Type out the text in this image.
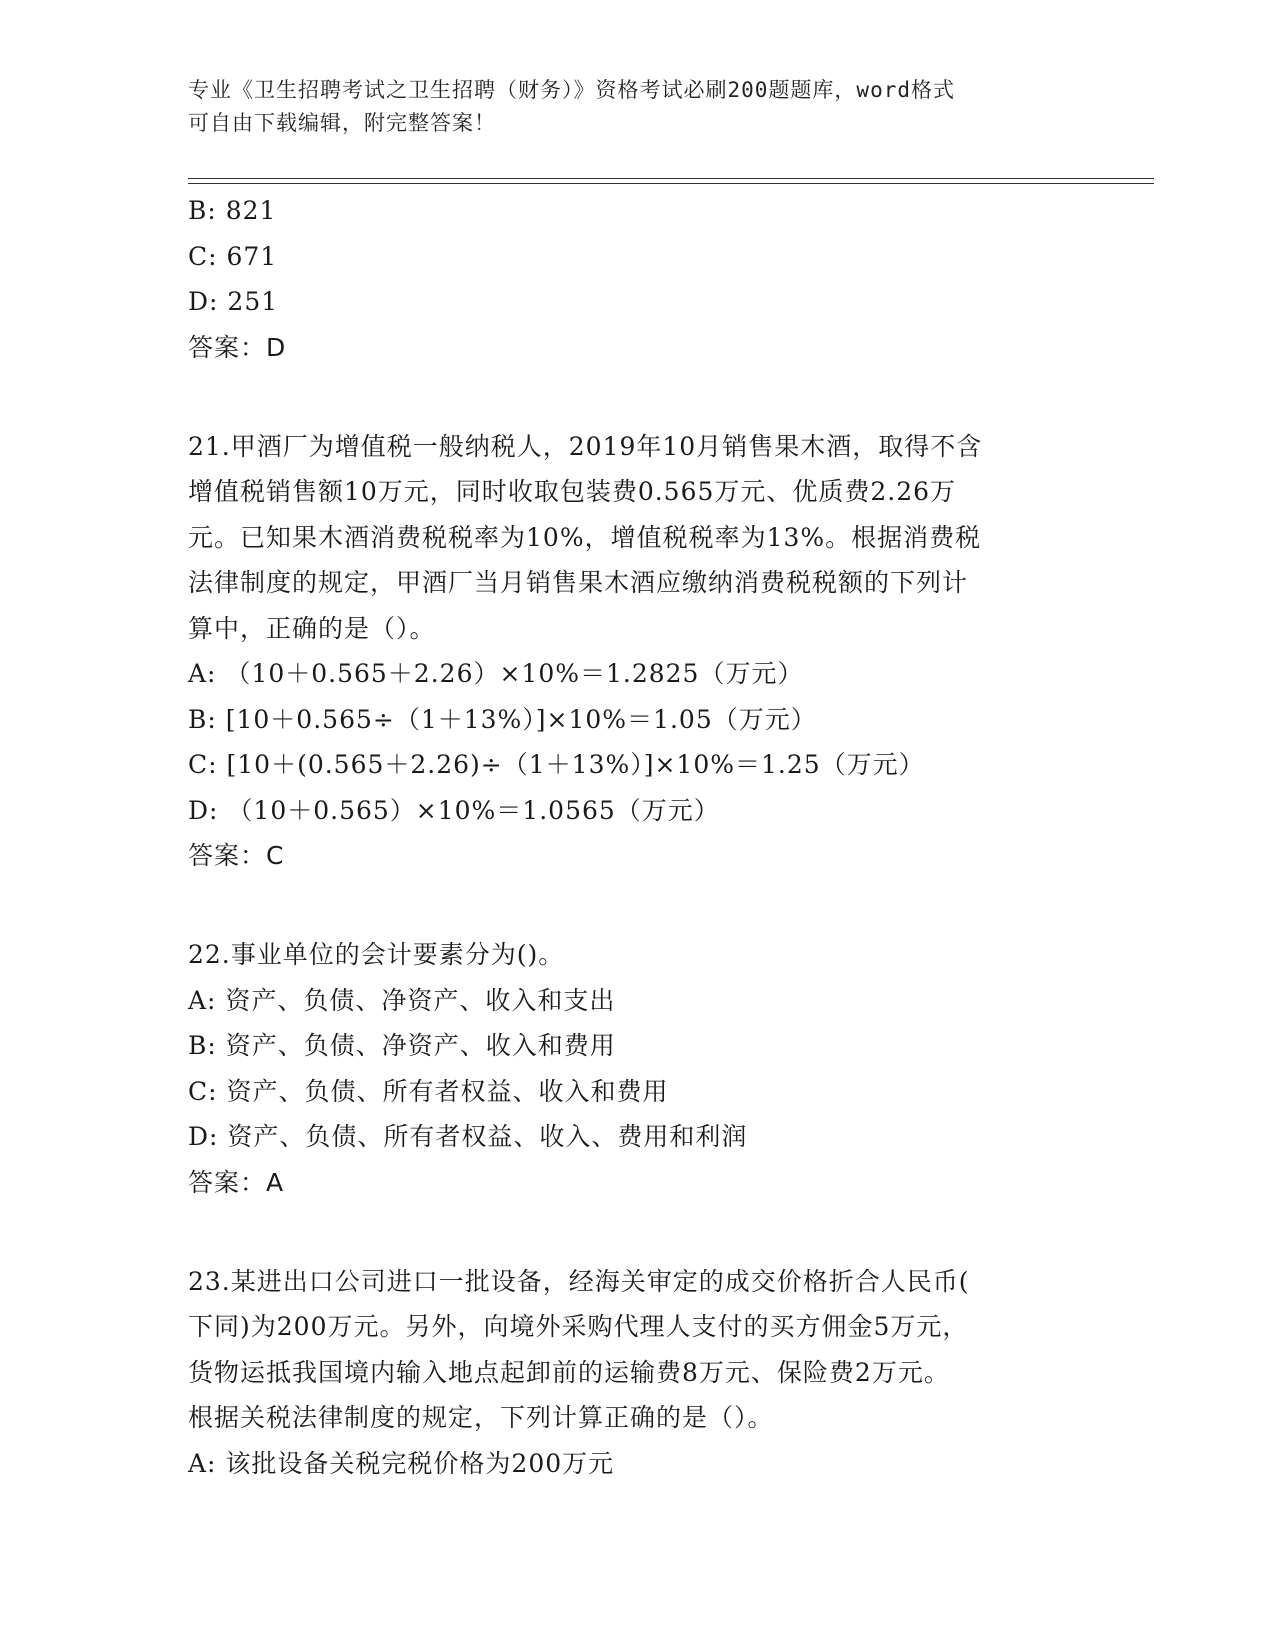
专业《卫生招聘考试之卫生招聘（财务）》资格考试必刷200题题库，word格式
可自由下载编辑，附完整答案！
B: 821
C: 671
D: 251
答案：D
21.甲酒厂为增值税一般纳税人，2019年10月销售果木酒，取得不含
增值税销售额10万元，同时收取包装费0.565万元、优质费2.26万
元。已知果木酒消费税税率为10%，增值税税率为13%。根据消费税
法律制度的规定，甲酒厂当月销售果木酒应缴纳消费税税额的下列计
算中，正确的是（）。
A: （10＋0.565＋2.26）×10%＝1.2825（万元）
B: [10＋0.565÷（1＋13%）]×10%＝1.05（万元）
C: [10＋(0.565＋2.26)÷（1＋13%）]×10%＝1.25（万元）
D: （10＋0.565）×10%＝1.0565（万元）
答案：C
22.事业单位的会计要素分为()。
A: 资产、负债、净资产、收入和支出
B: 资产、负债、净资产、收入和费用
C: 资产、负债、所有者权益、收入和费用
D: 资产、负债、所有者权益、收入、费用和利润
答案：A
23.某进出口公司进口一批设备，经海关审定的成交价格折合人民币(
下同)为200万元。另外，向境外采购代理人支付的买方佣金5万元，
货物运抵我国境内输入地点起卸前的运输费8万元、保险费2万元。
根据关税法律制度的规定，下列计算正确的是（）。
A: 该批设备关税完税价格为200万元
